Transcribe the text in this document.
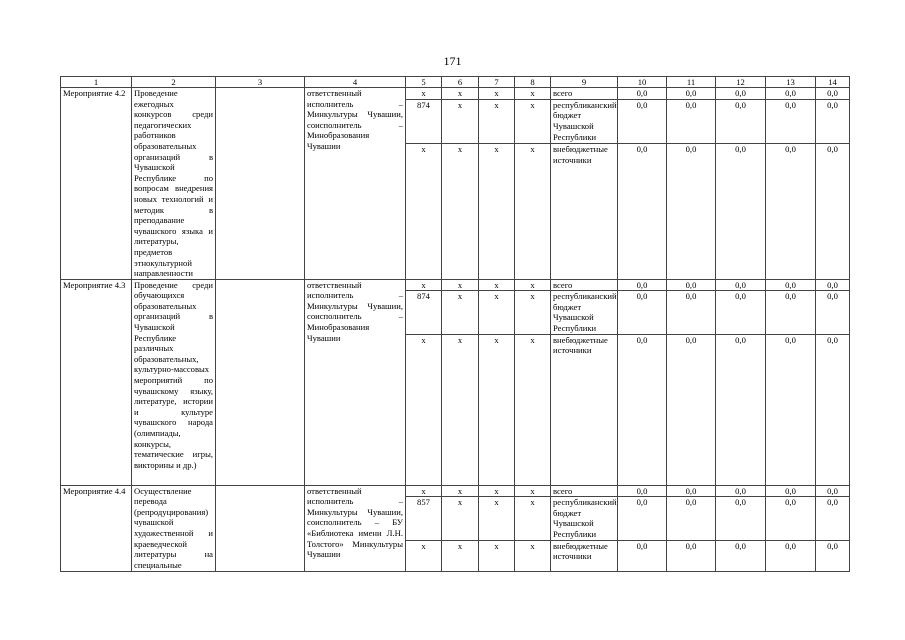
171
1	2	3	4	5	6	7	8	9	10	11	12	13	14
Мероприятие 4.2	Проведение ежегодных конкурсов среди педагогических работников образовательных организаций в Чувашской Республике по вопросам внедрения новых технологий и методик в преподавание чувашского языка и литературы, предметов этнокультурной направленности		ответственный исполнитель – Минкультуры Чувашии, соисполнитель – Минобразования Чувашии	x	x	x	x	всего	0,0	0,0	0,0	0,0	0,0
				874	x	x	x	республиканский бюджет Чувашской Республики	0,0	0,0	0,0	0,0	0,0
				x	x	x	x	внебюджетные источники	0,0	0,0	0,0	0,0	0,0
Мероприятие 4.3	Проведение среди обучающихся образовательных организаций в Чувашской Республике различных образовательных, культурно-массовых мероприятий по чувашскому языку, литературе, истории и культуре чувашского народа (олимпиады, конкурсы, тематические игры, викторины и др.)		ответственный исполнитель – Минкультуры Чувашии, соисполнитель – Минобразования Чувашии	x	x	x	x	всего	0,0	0,0	0,0	0,0	0,0
				874	x	x	x	республиканский бюджет Чувашской Республики	0,0	0,0	0,0	0,0	0,0
				x	x	x	x	внебюджетные источники	0,0	0,0	0,0	0,0	0,0
Мероприятие 4.4	Осуществление перевода (репродуцирования) чувашской художественной и краеведческой литературы на специальные		ответственный исполнитель – Минкультуры Чувашии, соисполнитель – БУ «Библиотека имени Л.Н. Толстого» Минкультуры Чувашии	x	x	x	x	всего	0,0	0,0	0,0	0,0	0,0
				857	x	x	x	республиканский бюджет Чувашской Республики	0,0	0,0	0,0	0,0	0,0
				x	x	x	x	внебюджетные источники	0,0	0,0	0,0	0,0	0,0
